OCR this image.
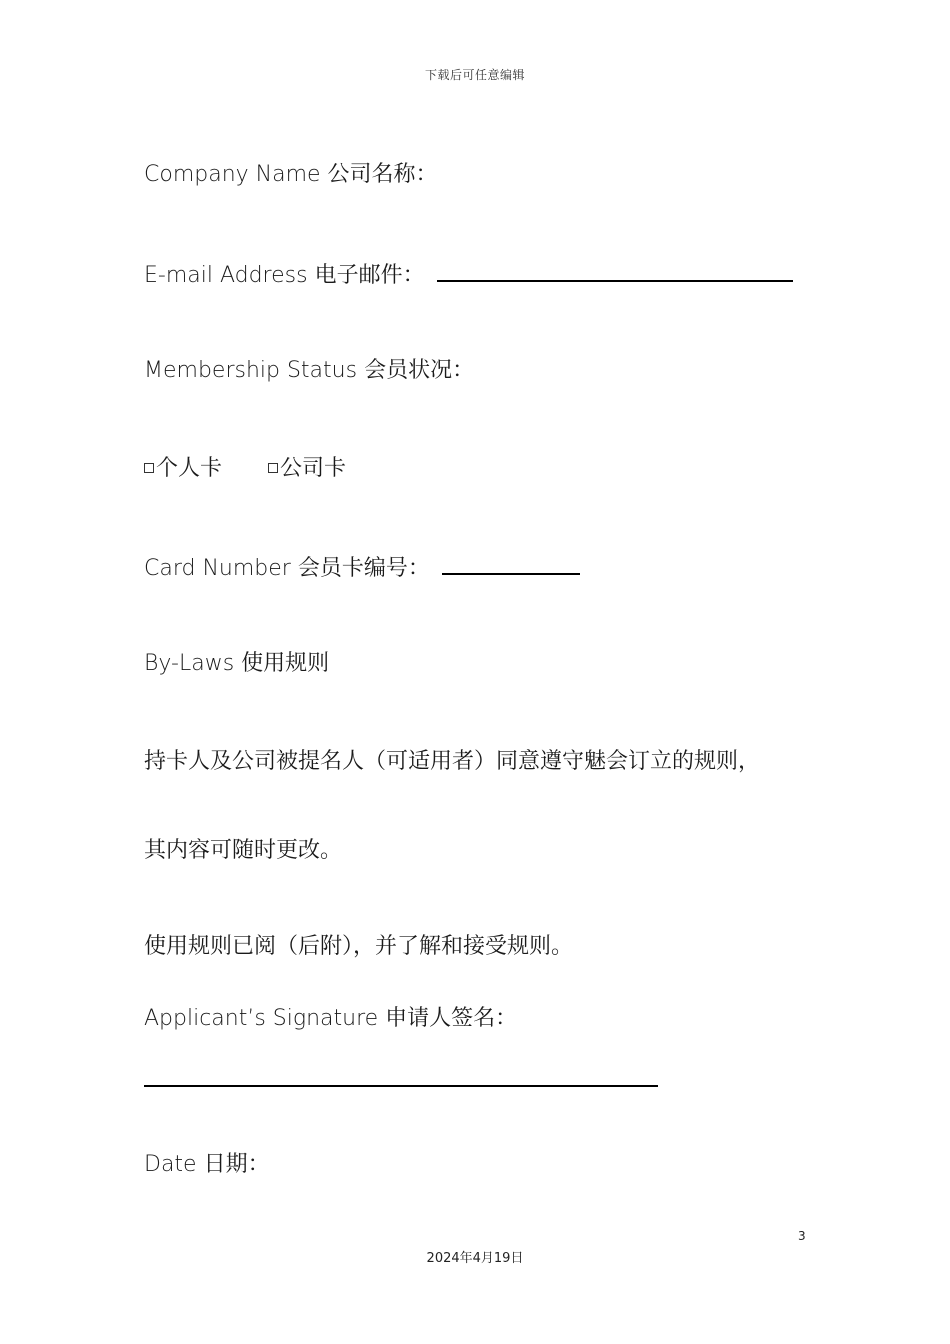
下载后可任意编辑
Company Name 公司名称：
E-mail Address 电子邮件：
Membership Status 会员状况：
个人卡	公司卡
Card Number 会员卡编号：
By-Laws 使用规则
持卡人及公司被提名人（可适用者）同意遵守魅会订立的规则，
其内容可随时更改。
使用规则已阅（后附），并了解和接受规则。
Applicant’s Signature 申请人签名：
Date 日期：
3
2024年4月19日
